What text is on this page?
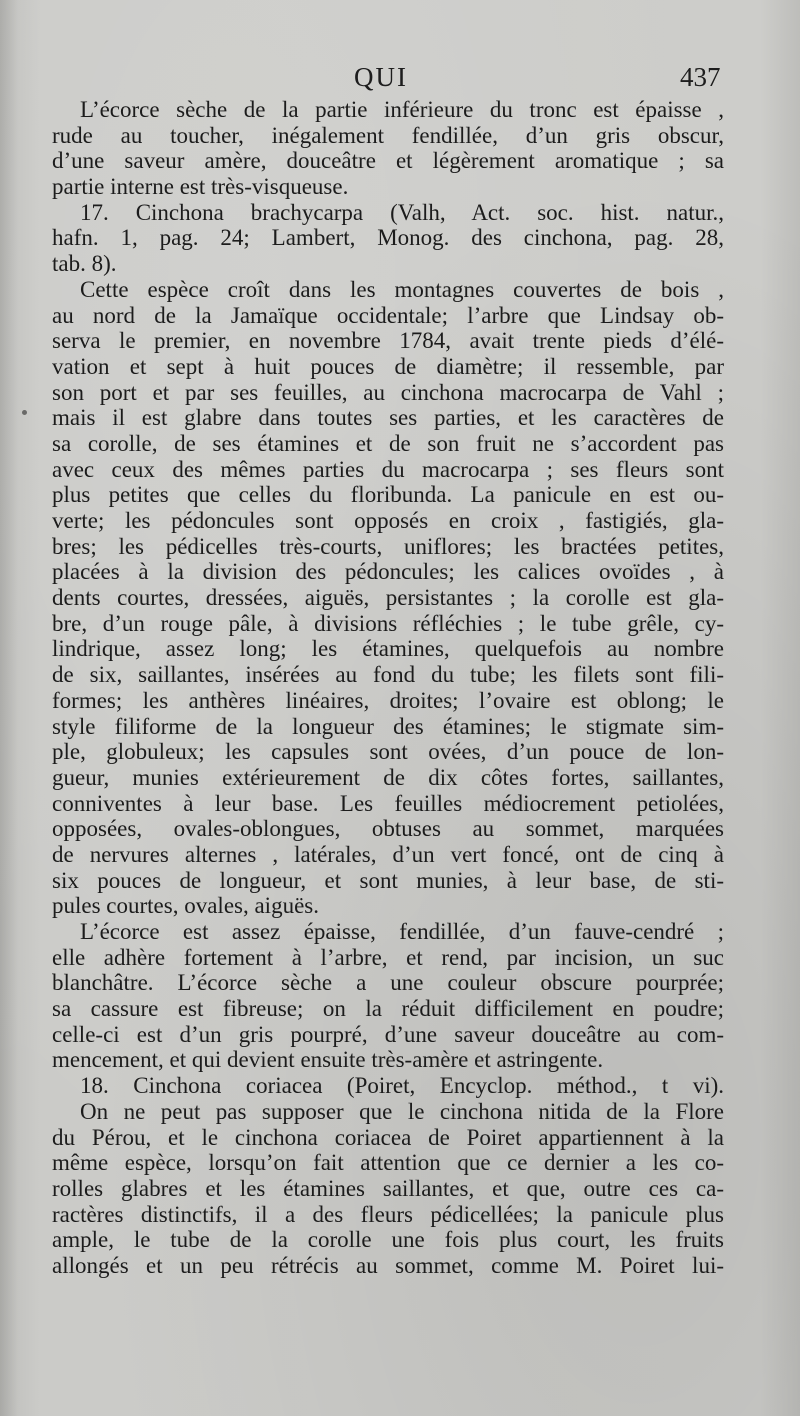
QUI	437
L’écorce sèche de la partie inférieure du tronc est épaisse ,
rude au toucher, inégalement fendillée, d’un gris obscur,
d’une saveur amère, douceâtre et légèrement aromatique ; sa
partie interne est très-visqueuse.
17. Cinchona brachycarpa (Valh, Act. soc. hist. natur.,
hafn. 1, pag. 24; Lambert, Monog. des cinchona, pag. 28,
tab. 8).
Cette espèce croît dans les montagnes couvertes de bois ,
au nord de la Jamaïque occidentale; l’arbre que Lindsay ob-
serva le premier, en novembre 1784, avait trente pieds d’élé-
vation et sept à huit pouces de diamètre; il ressemble, par
son port et par ses feuilles, au cinchona macrocarpa de Vahl ;
mais il est glabre dans toutes ses parties, et les caractères de
sa corolle, de ses étamines et de son fruit ne s’accordent pas
avec ceux des mêmes parties du macrocarpa ; ses fleurs sont
plus petites que celles du floribunda. La panicule en est ou-
verte; les pédoncules sont opposés en croix , fastigiés, gla-
bres; les pédicelles très-courts, uniflores; les bractées petites,
placées à la division des pédoncules; les calices ovoïdes , à
dents courtes, dressées, aiguës, persistantes ; la corolle est gla-
bre, d’un rouge pâle, à divisions réfléchies ; le tube grêle, cy-
lindrique, assez long; les étamines, quelquefois au nombre
de six, saillantes, insérées au fond du tube; les filets sont fili-
formes; les anthères linéaires, droites; l’ovaire est oblong; le
style filiforme de la longueur des étamines; le stigmate sim-
ple, globuleux; les capsules sont ovées, d’un pouce de lon-
gueur, munies extérieurement de dix côtes fortes, saillantes,
conniventes à leur base. Les feuilles médiocrement petiolées,
opposées, ovales-oblongues, obtuses au sommet, marquées
de nervures alternes , latérales, d’un vert foncé, ont de cinq à
six pouces de longueur, et sont munies, à leur base, de sti-
pules courtes, ovales, aiguës.
L’écorce est assez épaisse, fendillée, d’un fauve-cendré ;
elle adhère fortement à l’arbre, et rend, par incision, un suc
blanchâtre. L’écorce sèche a une couleur obscure pourprée;
sa cassure est fibreuse; on la réduit difficilement en poudre;
celle-ci est d’un gris pourpré, d’une saveur douceâtre au com-
mencement, et qui devient ensuite très-amère et astringente.
18. Cinchona coriacea (Poiret, Encyclop. méthod., t vi).
On ne peut pas supposer que le cinchona nitida de la Flore
du Pérou, et le cinchona coriacea de Poiret appartiennent à la
même espèce, lorsqu’on fait attention que ce dernier a les co-
rolles glabres et les étamines saillantes, et que, outre ces ca-
ractères distinctifs, il a des fleurs pédicellées; la panicule plus
ample, le tube de la corolle une fois plus court, les fruits
allongés et un peu rétrécis au sommet, comme M. Poiret lui-
